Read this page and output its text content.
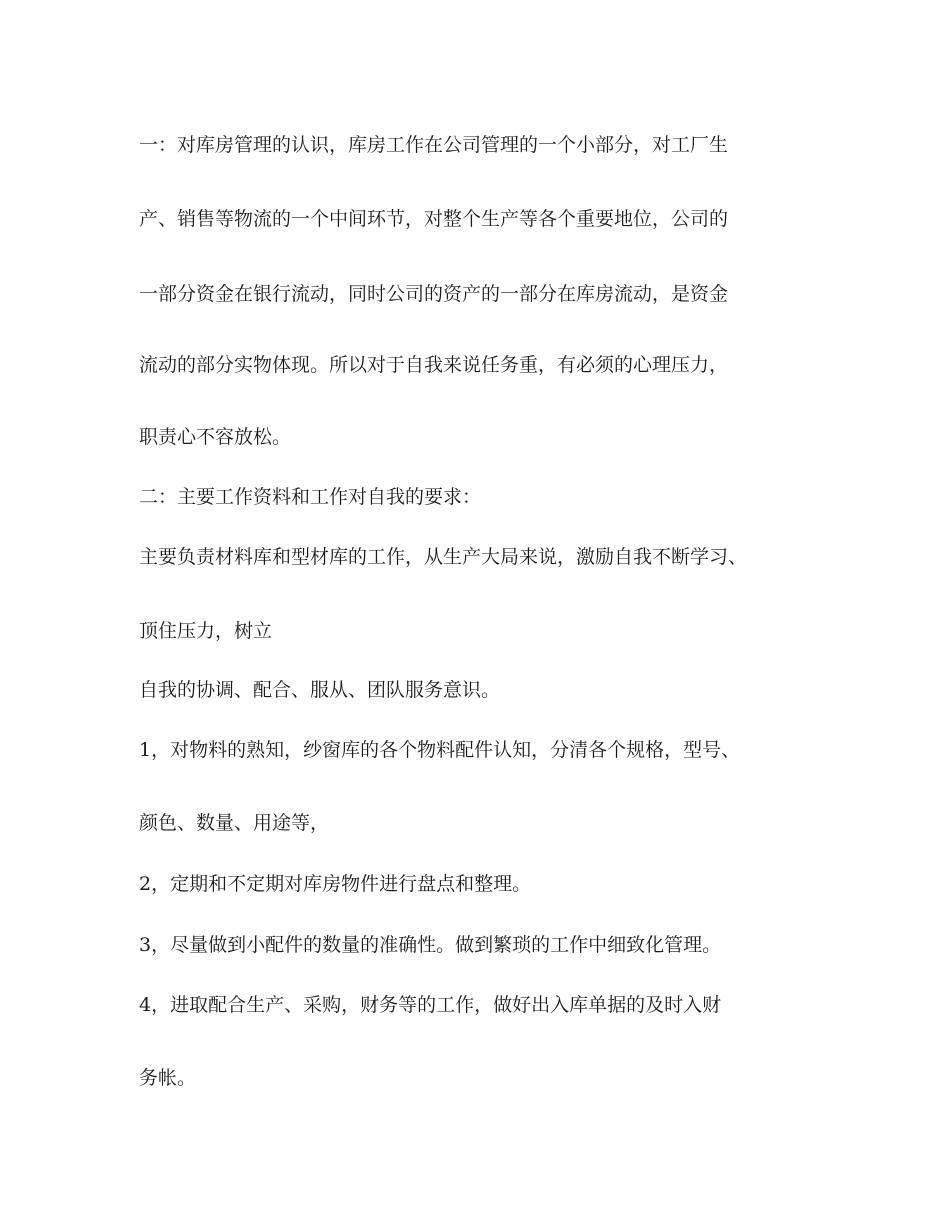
一：对库房管理的认识，库房工作在公司管理的一个小部分，对工厂生

产、销售等物流的一个中间环节，对整个生产等各个重要地位，公司的

一部分资金在银行流动，同时公司的资产的一部分在库房流动，是资金

流动的部分实物体现。所以对于自我来说任务重，有必须的心理压力，

职责心不容放松。

二：主要工作资料和工作对自我的要求：

主要负责材料库和型材库的工作，从生产大局来说，激励自我不断学习、

顶住压力，树立

自我的协调、配合、服从、团队服务意识。

1，对物料的熟知，纱窗库的各个物料配件认知，分清各个规格，型号、

颜色、数量、用途等，

2，定期和不定期对库房物件进行盘点和整理。

3，尽量做到小配件的数量的准确性。做到繁琐的工作中细致化管理。

4，进取配合生产、采购，财务等的工作，做好出入库单据的及时入财

务帐。
